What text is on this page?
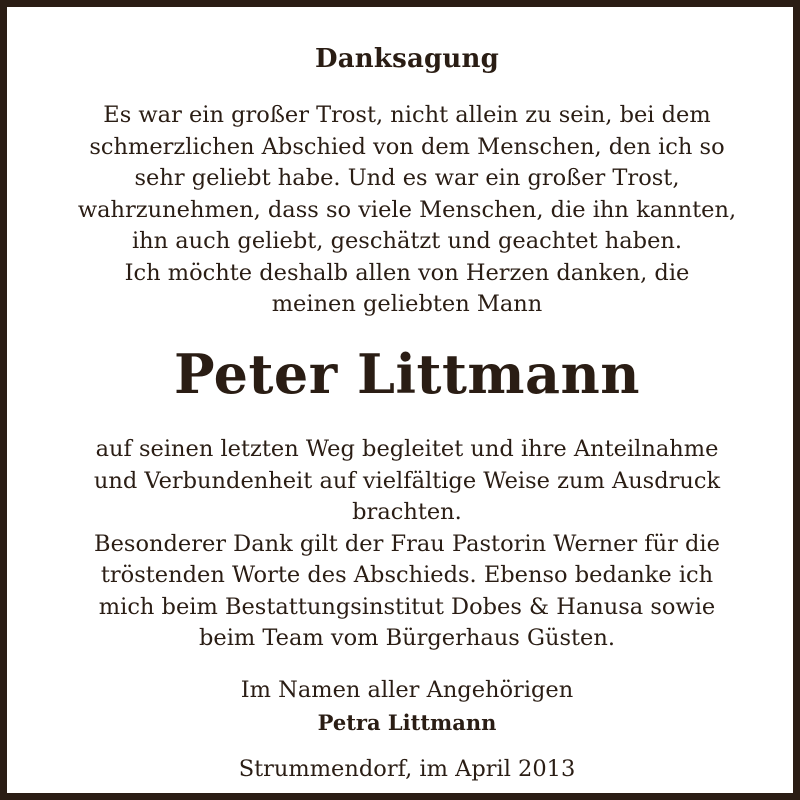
Danksagung
Es war ein großer Trost, nicht allein zu sein, bei dem
schmerzlichen Abschied von dem Menschen, den ich so
sehr geliebt habe. Und es war ein großer Trost,
wahrzunehmen, dass so viele Menschen, die ihn kannten,
ihn auch geliebt, geschätzt und geachtet haben.
Ich möchte deshalb allen von Herzen danken, die
meinen geliebten Mann
Peter Littmann
auf seinen letzten Weg begleitet und ihre Anteilnahme
und Verbundenheit auf vielfältige Weise zum Ausdruck
brachten.
Besonderer Dank gilt der Frau Pastorin Werner für die
tröstenden Worte des Abschieds. Ebenso bedanke ich
mich beim Bestattungsinstitut Dobes & Hanusa sowie
beim Team vom Bürgerhaus Güsten.
Im Namen aller Angehörigen
Petra Littmann
Strummendorf, im April 2013
